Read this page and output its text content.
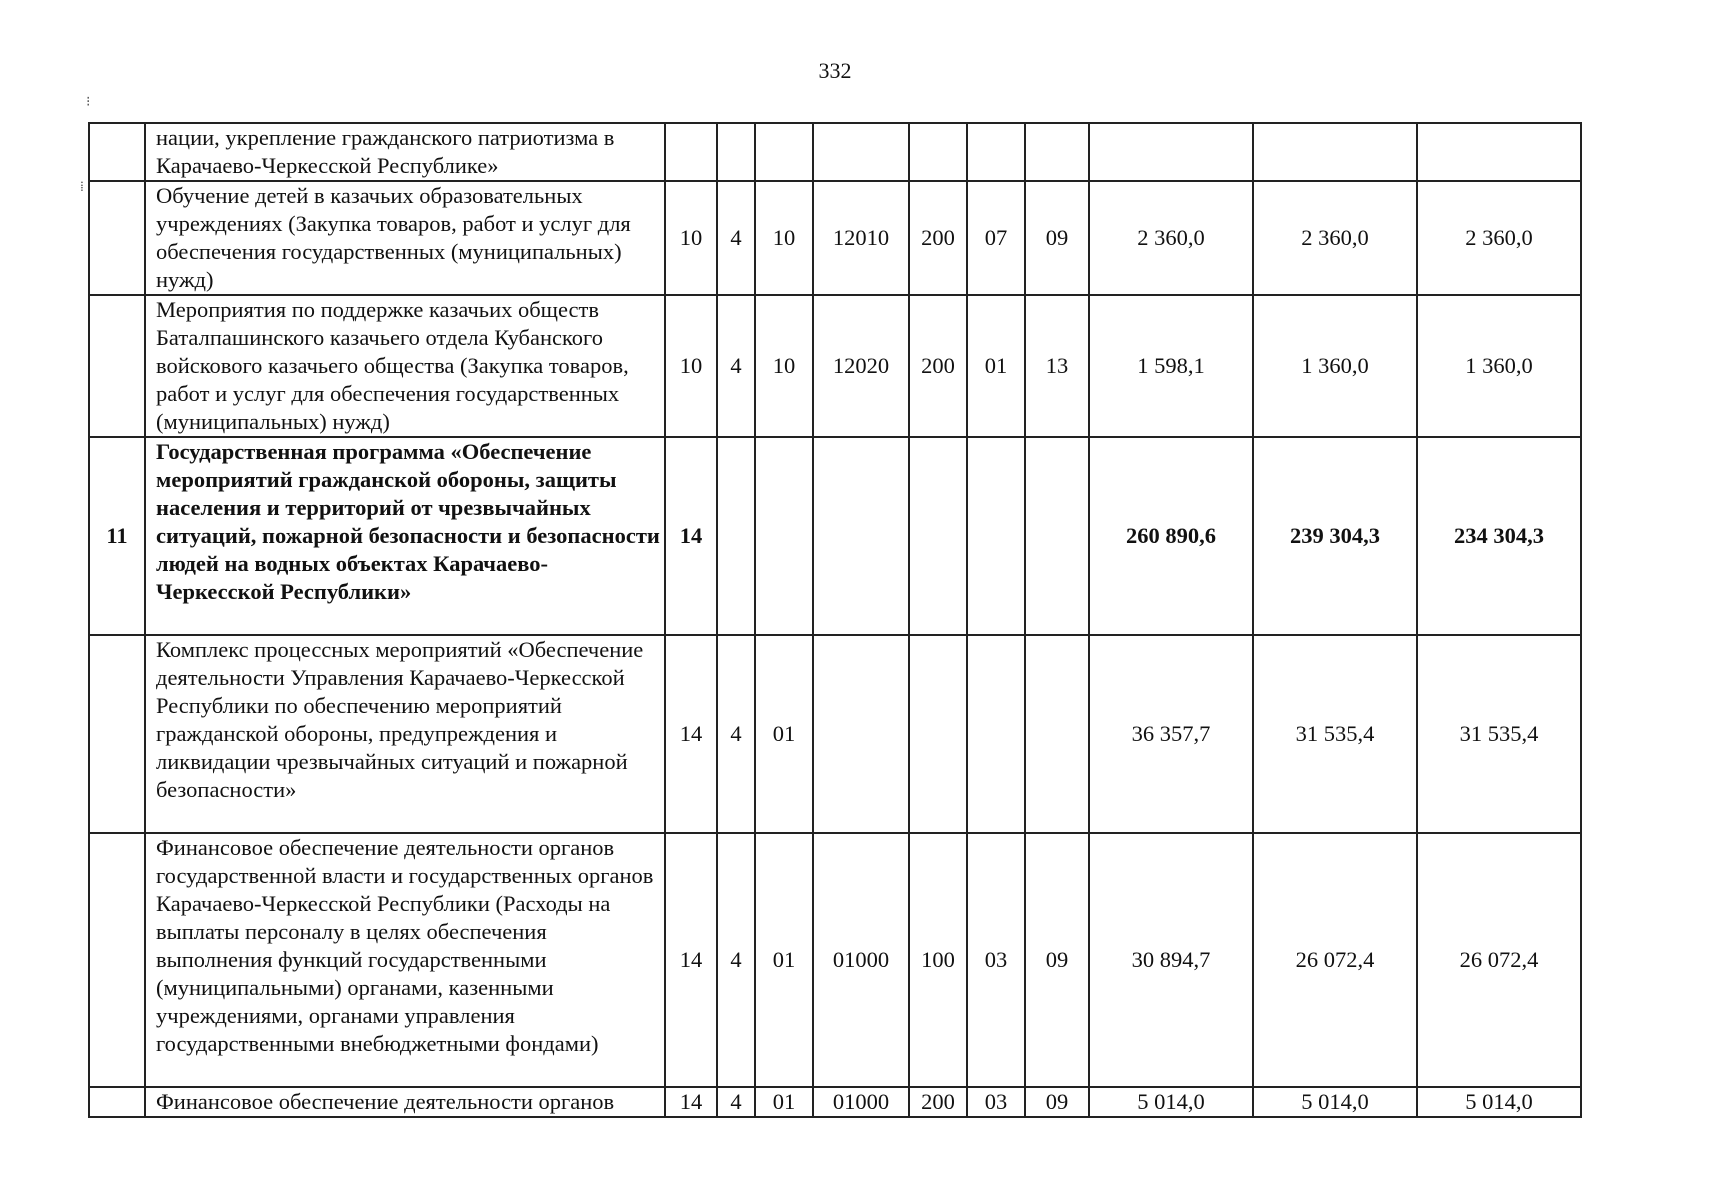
332
⁝
⁞
	нации, укрепление гражданского патриотизма в Карачаево-Черкесской Республике»										
	Обучение детей в казачьих образовательных учреждениях (Закупка товаров, работ и услуг для обеспечения государственных (муниципальных) нужд)	10	4	10	12010	200	07	09	2 360,0	2 360,0	2 360,0
	Мероприятия по поддержке казачьих обществ Баталпашинского казачьего отдела Кубанского войскового казачьего общества (Закупка товаров, работ и услуг для обеспечения государственных (муниципальных) нужд)	10	4	10	12020	200	01	13	1 598,1	1 360,0	1 360,0
11	Государственная программа «Обеспечение мероприятий гражданской обороны, защиты населения и территорий от чрезвычайных ситуаций, пожарной безопасности и безопасности людей на водных объектах Карачаево-Черкесской Республики»	14							260 890,6	239 304,3	234 304,3
	Комплекс процессных мероприятий «Обеспечение деятельности Управления Карачаево-Черкесской Республики по обеспечению мероприятий гражданской обороны, предупреждения и ликвидации чрезвычайных ситуаций и пожарной безопасности»	14	4	01					36 357,7	31 535,4	31 535,4
	Финансовое обеспечение деятельности органов государственной власти и государственных органов Карачаево-Черкесской Республики (Расходы на выплаты персоналу в целях обеспечения выполнения функций государственными (муниципальными) органами, казенными учреждениями, органами управления государственными внебюджетными фондами)	14	4	01	01000	100	03	09	30 894,7	26 072,4	26 072,4
	Финансовое обеспечение деятельности органов	14	4	01	01000	200	03	09	5 014,0	5 014,0	5 014,0
